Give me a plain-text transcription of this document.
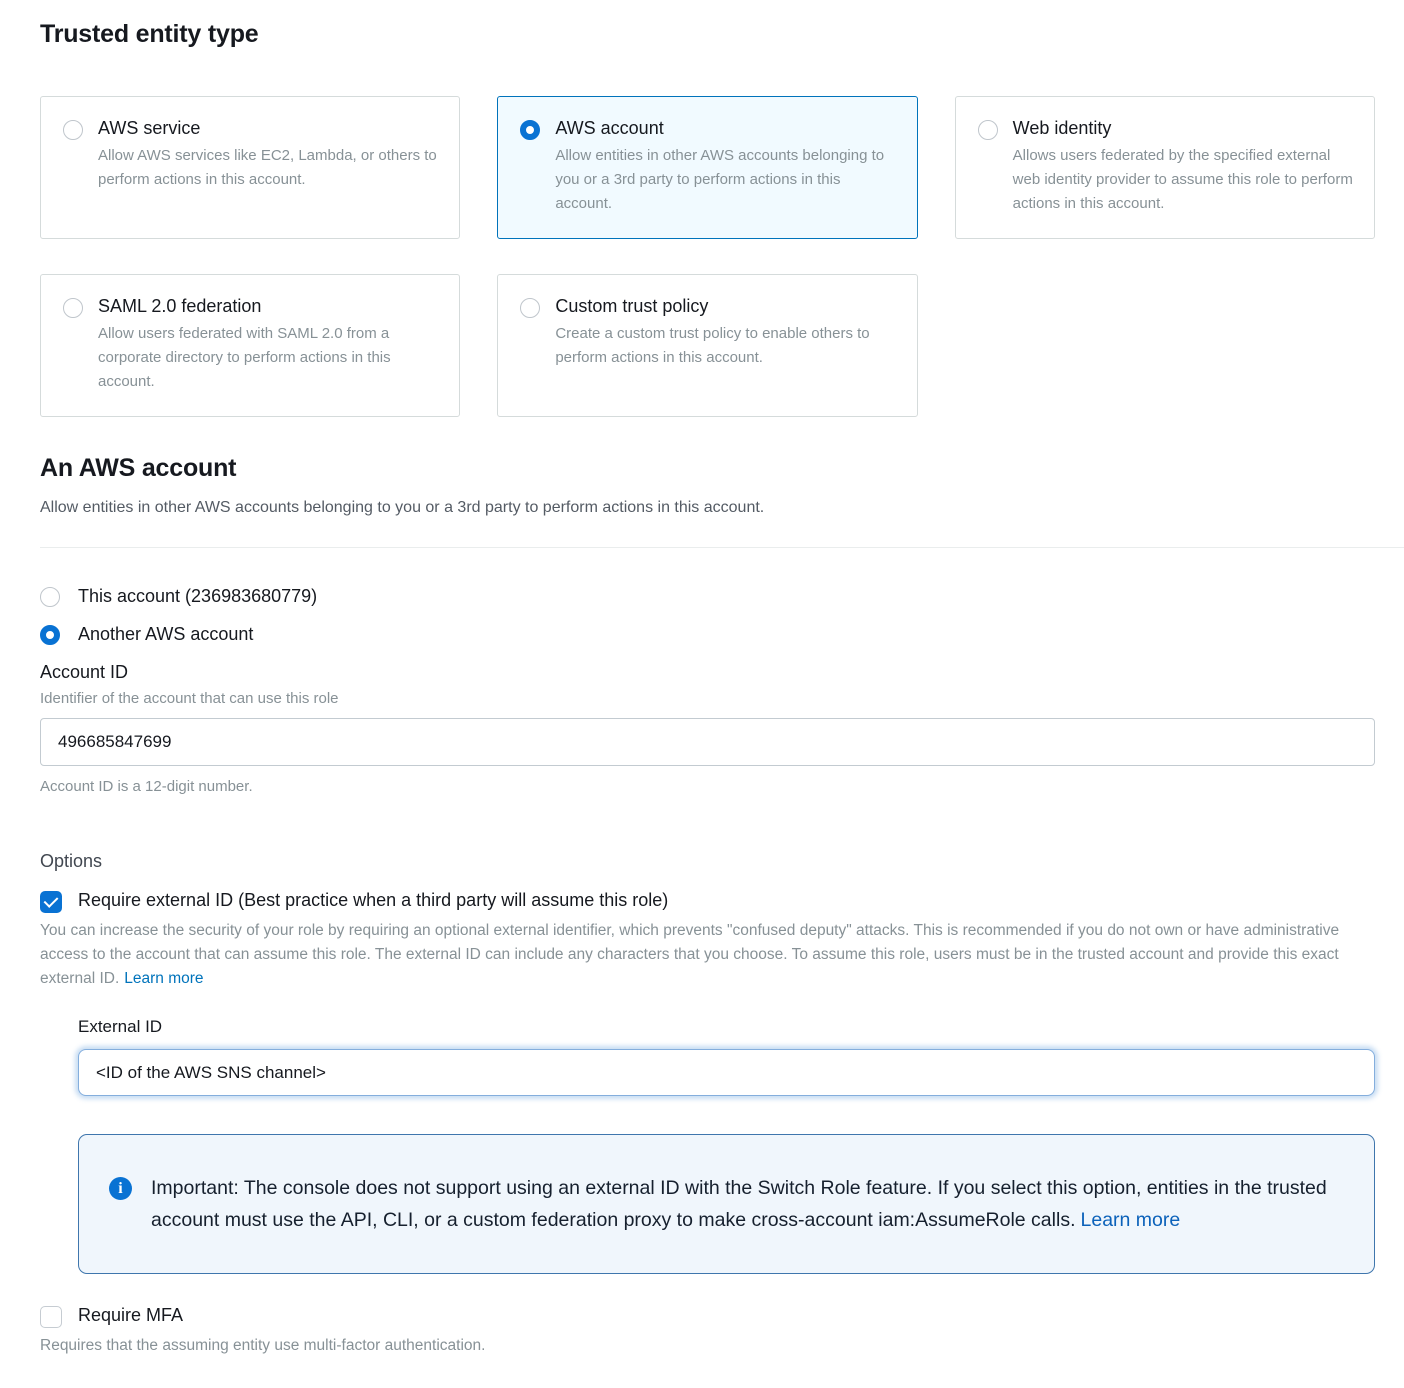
Trusted entity type
AWS service
Allow AWS services like EC2, Lambda, or others to perform actions in this account.
AWS account
Allow entities in other AWS accounts belonging to you or a 3rd party to perform actions in this account.
Web identity
Allows users federated by the specified external web identity provider to assume this role to perform actions in this account.
SAML 2.0 federation
Allow users federated with SAML 2.0 from a corporate directory to perform actions in this account.
Custom trust policy
Create a custom trust policy to enable others to perform actions in this account.
An AWS account

Allow entities in other AWS accounts belonging to you or a 3rd party to perform actions in this account.

This account (236983680779)
Another AWS account
Account ID
Identifier of the account that can use this role
496685847699
Account ID is a 12-digit number.
Options
Require external ID (Best practice when a third party will assume this role)

You can increase the security of your role by requiring an optional external identifier, which prevents "confused deputy" attacks. This is recommended if you do not own or have administrative access to the account that can assume this role. The external ID can include any characters that you choose. To assume this role, users must be in the trusted account and provide this exact external ID. Learn more

External ID
<ID of the AWS SNS channel>
i	Important: The console does not support using an external ID with the Switch Role feature. If you select this option, entities in the trusted account must use the API, CLI, or a custom federation proxy to make cross-account iam:AssumeRole calls. Learn more
Require MFA

Requires that the assuming entity use multi-factor authentication.
